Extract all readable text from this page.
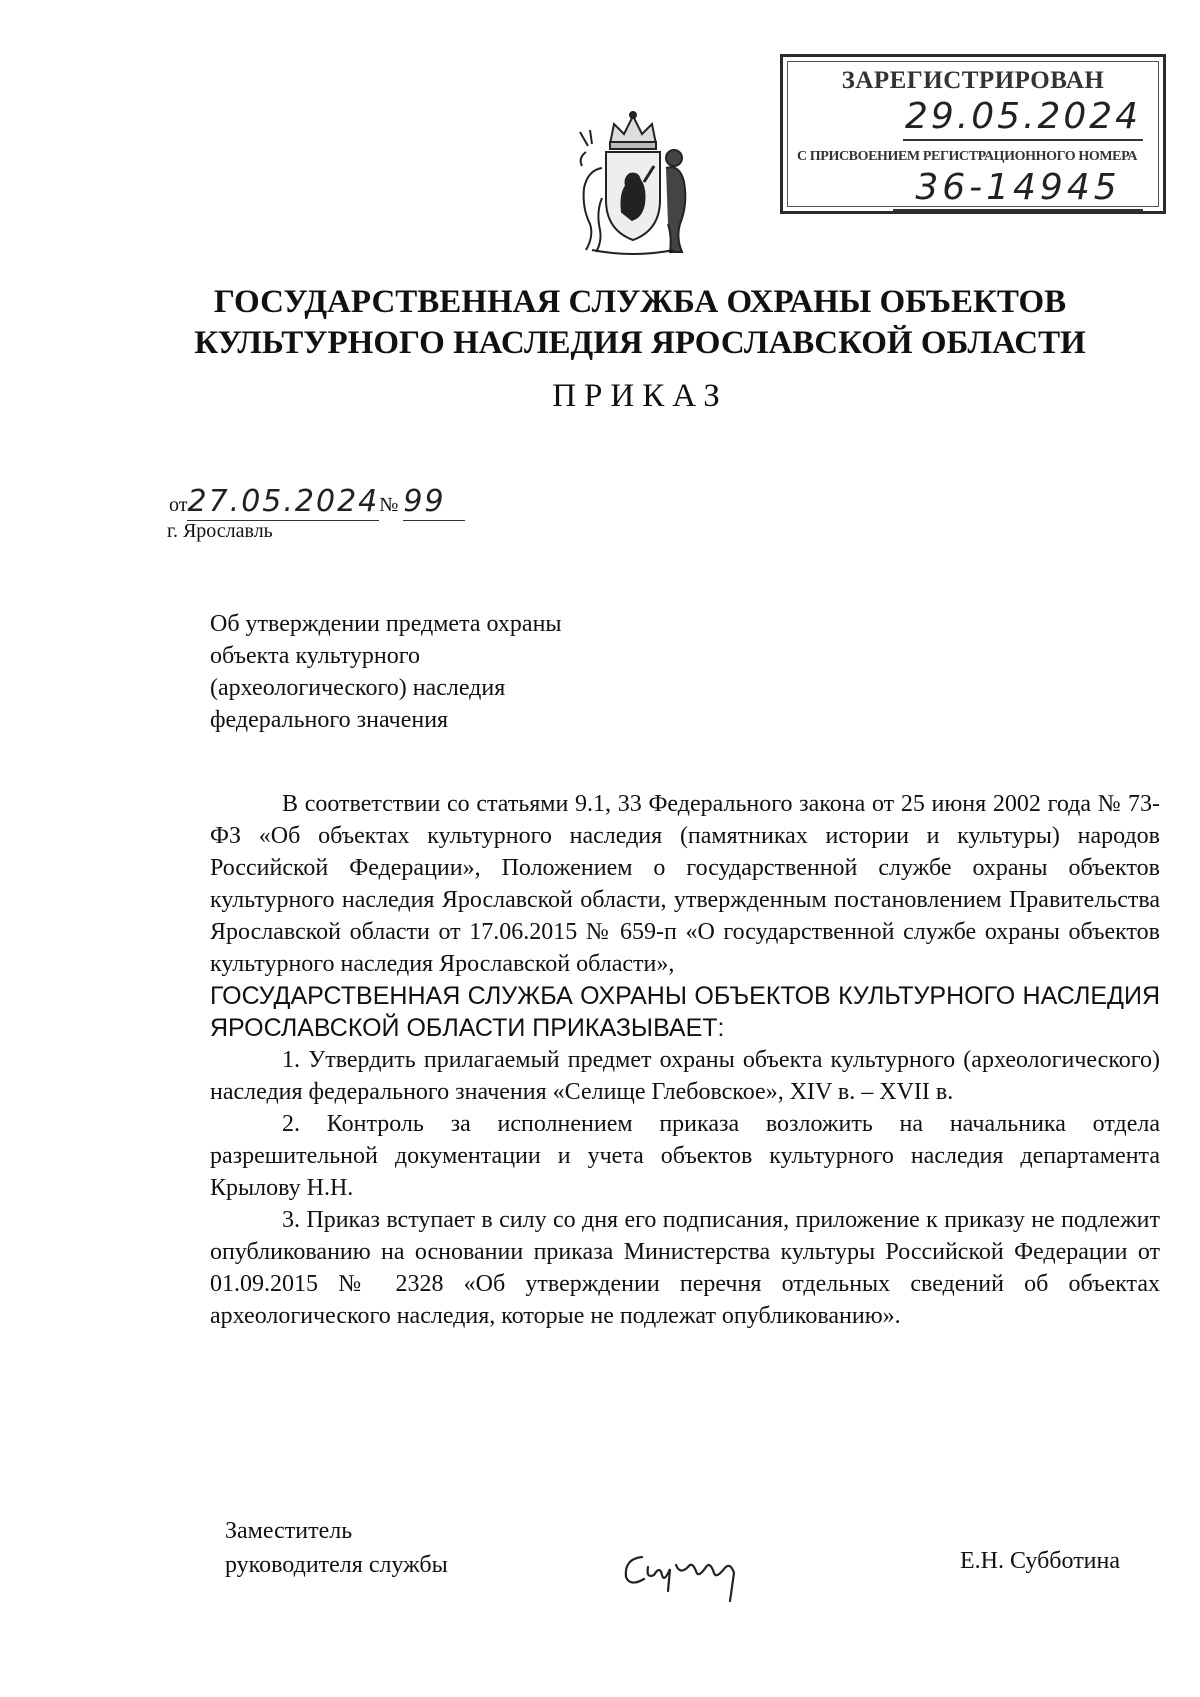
ЗАРЕГИСТРИРОВАН
29.05.2024
С ПРИСВОЕНИЕМ РЕГИСТРАЦИОННОГО НОМЕРА
36-14945
ГОСУДАРСТВЕННАЯ СЛУЖБА ОХРАНЫ ОБЪЕКТОВ
КУЛЬТУРНОГО НАСЛЕДИЯ ЯРОСЛАВСКОЙ ОБЛАСТИ
ПРИКАЗ
от27.05.2024№ 99
г. Ярославль
Об утверждении предмета охраны
объекта культурного
(археологического) наследия
федерального значения

В соответствии со статьями 9.1, 33 Федерального закона от 25 июня 2002 года № 73-ФЗ «Об объектах культурного наследия (памятниках истории и культуры) народов Российской Федерации», Положением о государственной службе охраны объектов культурного наследия Ярославской области, утвержденным постановлением Правительства Ярославской области от 17.06.2015 № 659-п «О государственной службе охраны объектов культурного наследия Ярославской области»,

ГОСУДАРСТВЕННАЯ СЛУЖБА ОХРАНЫ ОБЪЕКТОВ КУЛЬТУРНОГО НАСЛЕДИЯ ЯРОСЛАВСКОЙ ОБЛАСТИ ПРИКАЗЫВАЕТ:

1. Утвердить прилагаемый предмет охраны объекта культурного (археологического) наследия федерального значения «Селище Глебовское», XIV в. – XVII в.

2. Контроль за исполнением приказа возложить на начальника отдела разрешительной документации и учета объектов культурного наследия департамента Крылову Н.Н.

3. Приказ вступает в силу со дня его подписания, приложение к приказу не подлежит опубликованию на основании приказа Министерства культуры Российской Федерации от 01.09.2015 № 2328 «Об утверждении перечня отдельных сведений об объектах археологического наследия, которые не подлежат опубликованию».

Заместитель
руководителя службы	Е.Н. Субботина
